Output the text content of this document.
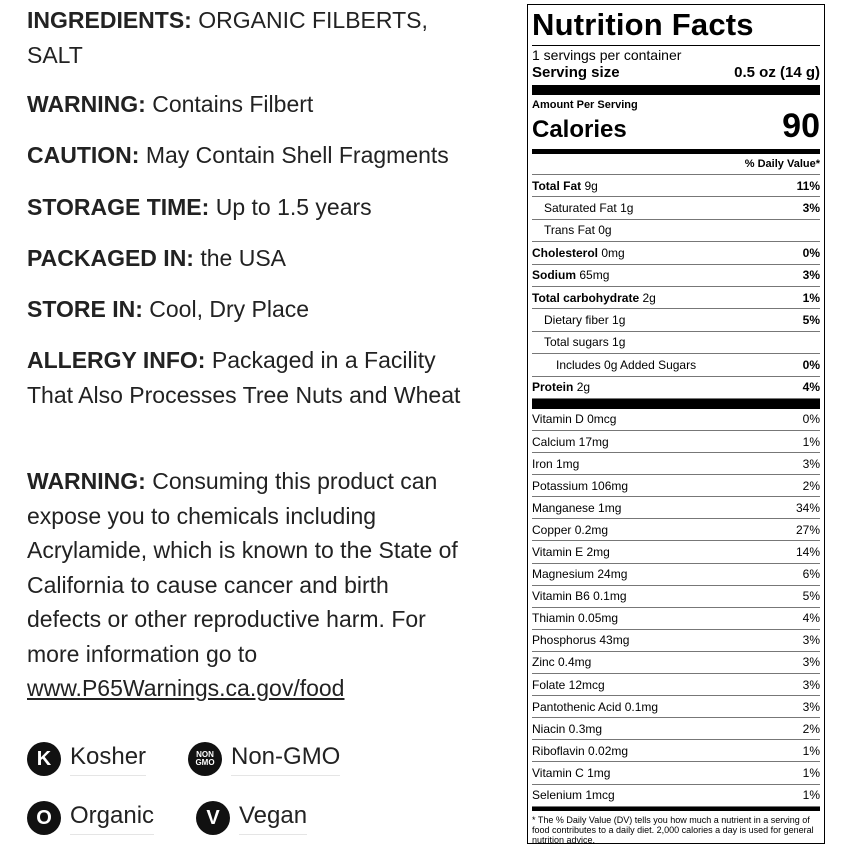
INGREDIENTS: ORGANIC FILBERTS, SALT

WARNING: Contains Filbert

CAUTION: May Contain Shell Fragments

STORAGE TIME: Up to 1.5 years

PACKAGED IN: the USA

STORE IN: Cool, Dry Place

ALLERGY INFO: Packaged in a Facility That Also Processes Tree Nuts and Wheat

WARNING: Consuming this product can expose you to chemicals including Acrylamide, which is known to the State of California to cause cancer and birth defects or other reproductive harm. For more information go to www.P65Warnings.ca.gov/food

K Kosher	NON
GMO Non-GMO
O Organic	V Vegan
Nutrition Facts
1 servings per container
Serving size	0.5 oz (14 g)
Amount Per Serving
Calories	90
% Daily Value*
Total Fat 9g	11%
Saturated Fat 1g	3%
Trans Fat 0g
Cholesterol 0mg	0%
Sodium 65mg	3%
Total carbohydrate 2g	1%
Dietary fiber 1g	5%
Total sugars 1g
Includes 0g Added Sugars	0%
Protein 2g	4%
Vitamin D 0mcg	0%
Calcium 17mg	1%
Iron 1mg	3%
Potassium 106mg	2%
Manganese 1mg	34%
Copper 0.2mg	27%
Vitamin E 2mg	14%
Magnesium 24mg	6%
Vitamin B6 0.1mg	5%
Thiamin 0.05mg	4%
Phosphorus 43mg	3%
Zinc 0.4mg	3%
Folate 12mcg	3%
Pantothenic Acid 0.1mg	3%
Niacin 0.3mg	2%
Riboflavin 0.02mg	1%
Vitamin C 1mg	1%
Selenium 1mcg	1%
* The % Daily Value (DV) tells you how much a nutrient in a serving of food contributes to a daily diet. 2,000 calories a day is used for general nutrition advice.
